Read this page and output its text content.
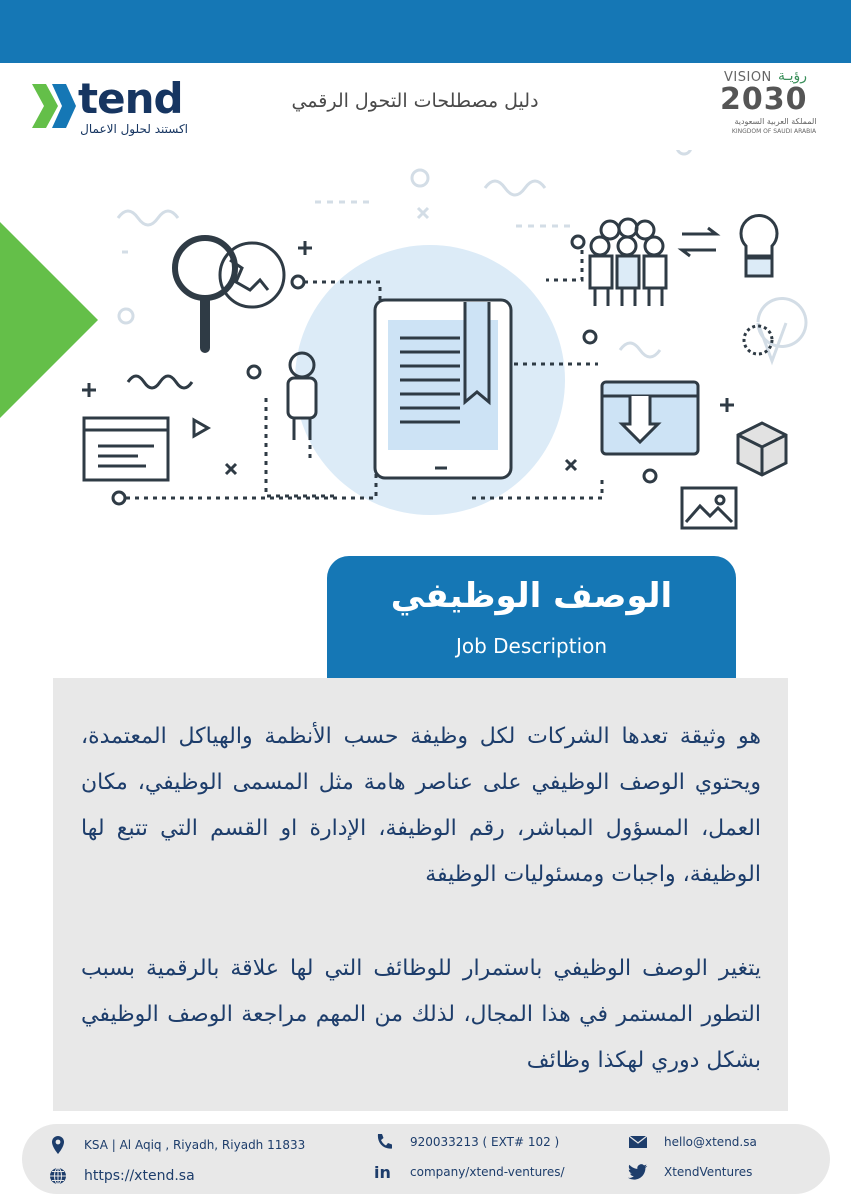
tend
اكستند لحلول الاعمال
دليل مصطلحات التحول الرقمي
VISION رؤيـة
2030
المملكة العربية السعودية
KINGDOM OF SAUDI ARABIA
الوصف الوظيفي
Job Description

هو وثيقة تعدها الشركات لكل وظيفة حسب الأنظمة والهياكل المعتمدة، ويحتوي الوصف الوظيفي على عناصر هامة مثل المسمى الوظيفي، مكان العمل، المسؤول المباشر، رقم الوظيفة، الإدارة او القسم التي تتبع لها الوظيفة، واجبات ومسئوليات الوظيفة

يتغير الوصف الوظيفي باستمرار للوظائف التي لها علاقة بالرقمية بسبب التطور المستمر في هذا المجال، لذلك من المهم مراجعة الوصف الوظيفي بشكل دوري لهكذا وظائف

KSA | Al Aqiq , Riyadh, Riyadh 11833
https://xtend.sa
920033213 ( EXT# 102 )
in company/xtend-ventures/
hello@xtend.sa
XtendVentures
